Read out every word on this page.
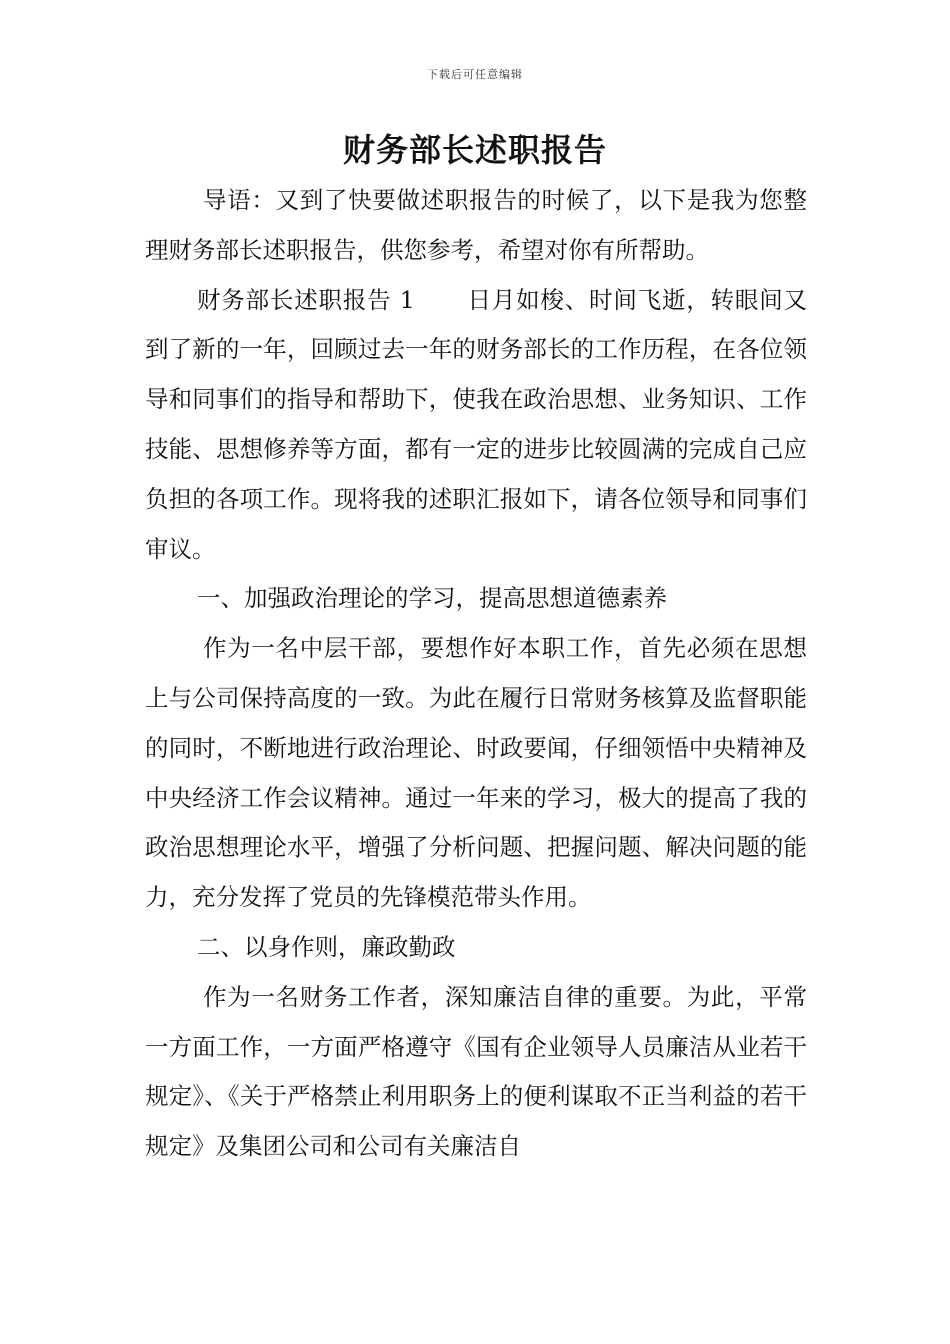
下载后可任意编辑
财务部长述职报告

导语：又到了快要做述职报告的时候了，以下是我为您整理财务部长述职报告，供您参考，希望对你有所帮助。

财务部长述职报告 1 日月如梭、时间飞逝，转眼间又到了新的一年，回顾过去一年的财务部长的工作历程，在各位领导和同事们的指导和帮助下，使我在政治思想、业务知识、工作技能、思想修养等方面，都有一定的进步比较圆满的完成自己应负担的各项工作。现将我的述职汇报如下，请各位领导和同事们审议。

一、加强政治理论的学习，提高思想道德素养

作为一名中层干部，要想作好本职工作，首先必须在思想上与公司保持高度的一致。为此在履行日常财务核算及监督职能的同时，不断地进行政治理论、时政要闻，仔细领悟中央精神及中央经济工作会议精神。通过一年来的学习，极大的提高了我的政治思想理论水平，增强了分析问题、把握问题、解决问题的能力，充分发挥了党员的先锋模范带头作用。

二、以身作则，廉政勤政

作为一名财务工作者，深知廉洁自律的重要。为此，平常一方面工作，一方面严格遵守《国有企业领导人员廉洁从业若干规定》、《关于严格禁止利用职务上的便利谋取不正当利益的若干规定》及集团公司和公司有关廉洁自
